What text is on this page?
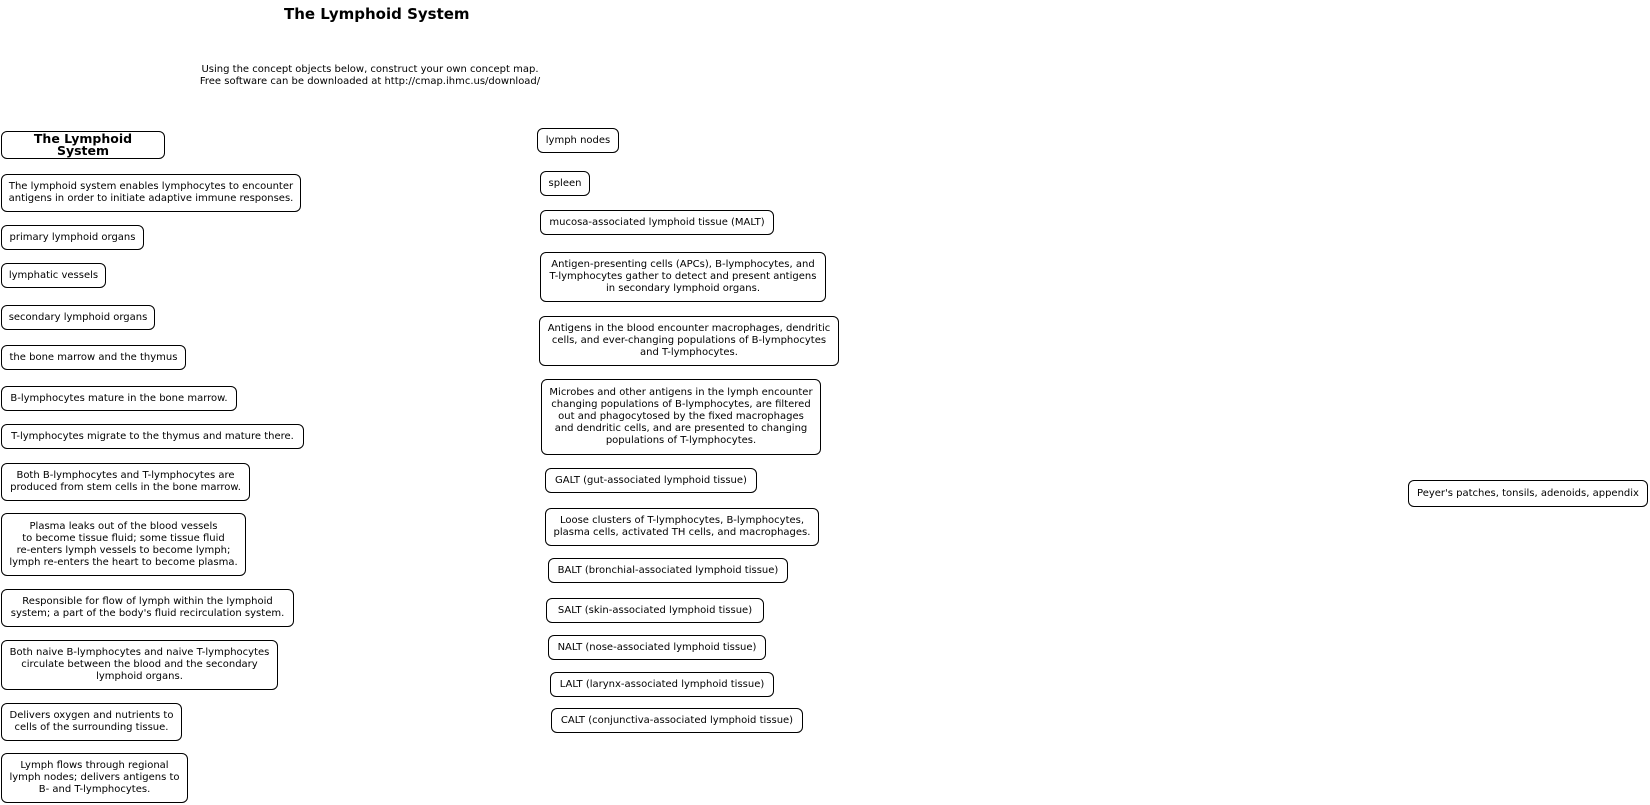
The Lymphoid System
Using the concept objects below, construct your own concept map.
Free software can be downloaded at http://cmap.ihmc.us/download/
The Lymphoid System
The lymphoid system enables lymphocytes to encounter
antigens in order to initiate adaptive immune responses.
primary lymphoid organs
lymphatic vessels
secondary lymphoid organs
the bone marrow and the thymus
B-lymphocytes mature in the bone marrow.
T-lymphocytes migrate to the thymus and mature there.
Both B-lymphocytes and T-lymphocytes are
produced from stem cells in the bone marrow.
Plasma leaks out of the blood vessels
to become tissue fluid; some tissue fluid
re-enters lymph vessels to become lymph;
lymph re-enters the heart to become plasma.
Responsible for flow of lymph within the lymphoid
system; a part of the body's fluid recirculation system.
Both naive B-lymphocytes and naive T-lymphocytes
circulate between the blood and the secondary
lymphoid organs.
Delivers oxygen and nutrients to
cells of the surrounding tissue.
Lymph flows through regional
lymph nodes; delivers antigens to
B- and T-lymphocytes.
lymph nodes
spleen
mucosa-associated lymphoid tissue (MALT)
Antigen-presenting cells (APCs), B-lymphocytes, and
T-lymphocytes gather to detect and present antigens
in secondary lymphoid organs.
Antigens in the blood encounter macrophages, dendritic
cells, and ever-changing populations of B-lymphocytes
and T-lymphocytes.
Microbes and other antigens in the lymph encounter
changing populations of B-lymphocytes, are filtered
out and phagocytosed by the fixed macrophages
and dendritic cells, and are presented to changing
populations of T-lymphocytes.
GALT (gut-associated lymphoid tissue)
Loose clusters of T-lymphocytes, B-lymphocytes,
plasma cells, activated TH cells, and macrophages.
BALT (bronchial-associated lymphoid tissue)
SALT (skin-associated lymphoid tissue)
NALT (nose-associated lymphoid tissue)
LALT (larynx-associated lymphoid tissue)
CALT (conjunctiva-associated lymphoid tissue)
Peyer's patches, tonsils, adenoids, appendix
